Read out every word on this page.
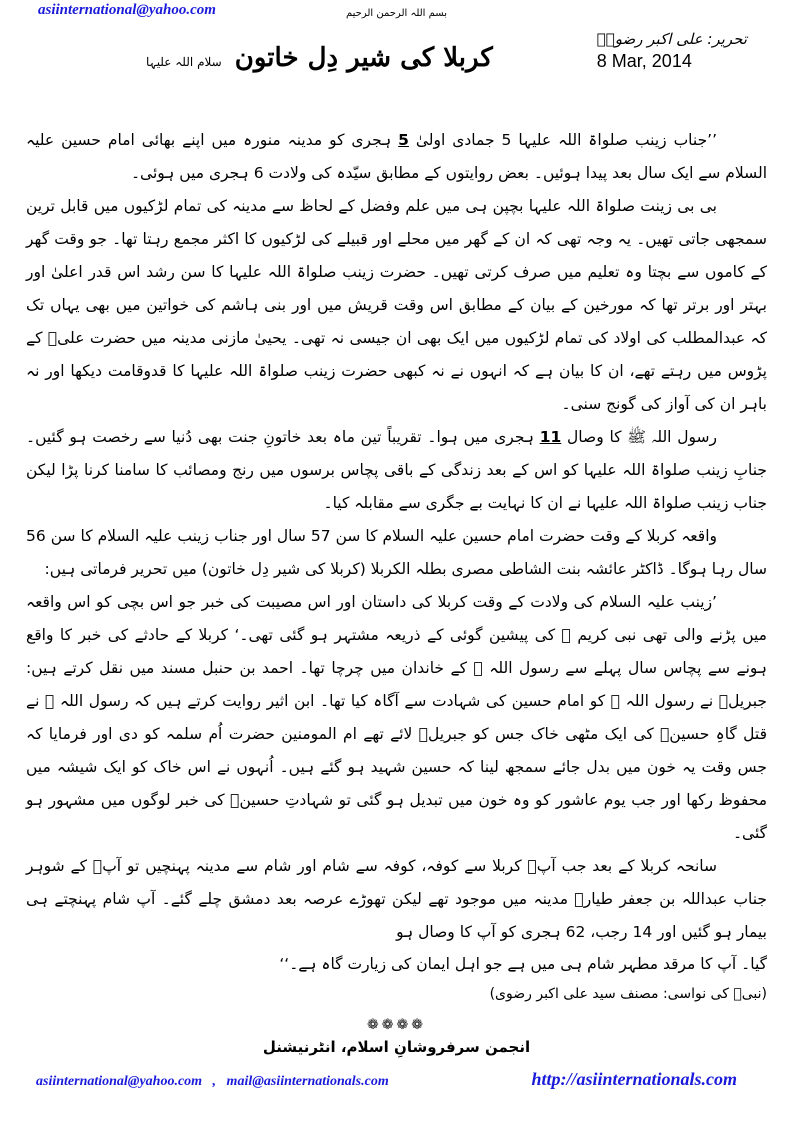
بسم اللہ الرحمن الرحیم
asiinternational@yahoo.com
تحریر: علی اکبر رضویؒ
8 Mar, 2014
کربلا کی شیر دِل خاتون سلام اللہ علیہا

’’جناب زینب صلواۃ اللہ علیہا 5 جمادی اولیٰ 5 ہجری کو مدینہ منورہ میں اپنے بھائی امام حسین علیہ السلام سے ایک سال بعد پیدا ہوئیں۔ بعض روایتوں کے مطابق سیّدہ کی ولادت 6 ہجری میں ہوئی۔

بی بی زینت صلواۃ اللہ علیہا بچپن ہی میں علم وفضل کے لحاظ سے مدینہ کی تمام لڑکیوں میں قابل ترین سمجھی جاتی تھیں۔ یہ وجہ تھی کہ ان کے گھر میں محلے اور قبیلے کی لڑکیوں کا اکثر مجمع رہتا تھا۔ جو وقت گھر کے کاموں سے بچتا وہ تعلیم میں صرف کرتی تھیں۔ حضرت زینب صلواۃ اللہ علیہا کا سن رشد اس قدر اعلیٰ اور بہتر اور برتر تھا کہ مورخین کے بیان کے مطابق اس وقت قریش میں اور بنی ہاشم کی خواتین میں بھی یہاں تک کہ عبدالمطلب کی اولاد کی تمام لڑکیوں میں ایک بھی ان جیسی نہ تھی۔ یحییٰ مازنی مدینہ میں حضرت علیؑ کے پڑوس میں رہتے تھے، ان کا بیان ہے کہ انہوں نے نہ کبھی حضرت زینب صلواۃ اللہ علیہا کا قدوقامت دیکھا اور نہ باہر ان کی آواز کی گونج سنی۔

رسول اللہ ﷺ کا وصال 11 ہجری میں ہوا۔ تقریباً تین ماہ بعد خاتونِ جنت بھی دُنیا سے رخصت ہو گئیں۔ جنابِ زینب صلواۃ اللہ علیہا کو اس کے بعد زندگی کے باقی پچاس برسوں میں رنج ومصائب کا سامنا کرنا پڑا لیکن جناب زینب صلواۃ اللہ علیہا نے ان کا نہایت بے جگری سے مقابلہ کیا۔

واقعہ کربلا کے وقت حضرت امام حسین علیہ السلام کا سن 57 سال اور جناب زینب علیہ السلام کا سن 56 سال رہا ہوگا۔ ڈاکٹر عائشہ بنت الشاطی مصری بطلہ الکربلا (کربلا کی شیر دِل خاتون) میں تحریر فرماتی ہیں:

’زینب علیہ السلام کی ولادت کے وقت کربلا کی داستان اور اس مصیبت کی خبر جو اس بچی کو اس واقعہ میں پڑنے والی تھی نبی کریم ﷺ کی پیشین گوئی کے ذریعہ مشتہر ہو گئی تھی۔‘ کربلا کے حادثے کی خبر کا واقع ہونے سے پچاس سال پہلے سے رسول اللہ ﷺ کے خاندان میں چرچا تھا۔ احمد بن حنبل مسند میں نقل کرتے ہیں: جبریلؑ نے رسول اللہ ﷺ کو امام حسین کی شہادت سے آگاہ کیا تھا۔ ابن اثیر روایت کرتے ہیں کہ رسول اللہ ﷺ نے قتل گاہِ حسینؑ کی ایک مٹھی خاک جس کو جبریلؑ لائے تھے ام المومنین حضرت اُم سلمہ کو دی اور فرمایا کہ جس وقت یہ خون میں بدل جائے سمجھ لینا کہ حسین شہید ہو گئے ہیں۔ اُنہوں نے اس خاک کو ایک شیشہ میں محفوظ رکھا اور جب یوم عاشور کو وہ خون میں تبدیل ہو گئی تو شہادتِ حسینؑ کی خبر لوگوں میں مشہور ہو گئی۔

سانحہ کربلا کے بعد جب آپؑ کربلا سے کوفہ، کوفہ سے شام اور شام سے مدینہ پہنچیں تو آپؑ کے شوہر جناب عبداللہ بن جعفر طیارؓ مدینہ میں موجود تھے لیکن تھوڑے عرصہ بعد دمشق چلے گئے۔ آپ شام پہنچتے ہی بیمار ہو گئیں اور 14 رجب، 62 ہجری کو آپ کا وصال ہو

گیا۔ آپ کا مرقد مطہر شام ہی میں ہے جو اہل ایمان کی زیارت گاہ ہے۔‘‘
(نبیؐ کی نواسی: مصنف سید علی اکبر رضوی)
❁❁❁❁
انجمن سرفروشانِ اسلام، انٹرنیشنل
asiinternational@yahoo.com   ,   mail@asiinternationals.com	http://asiinternationals.com
